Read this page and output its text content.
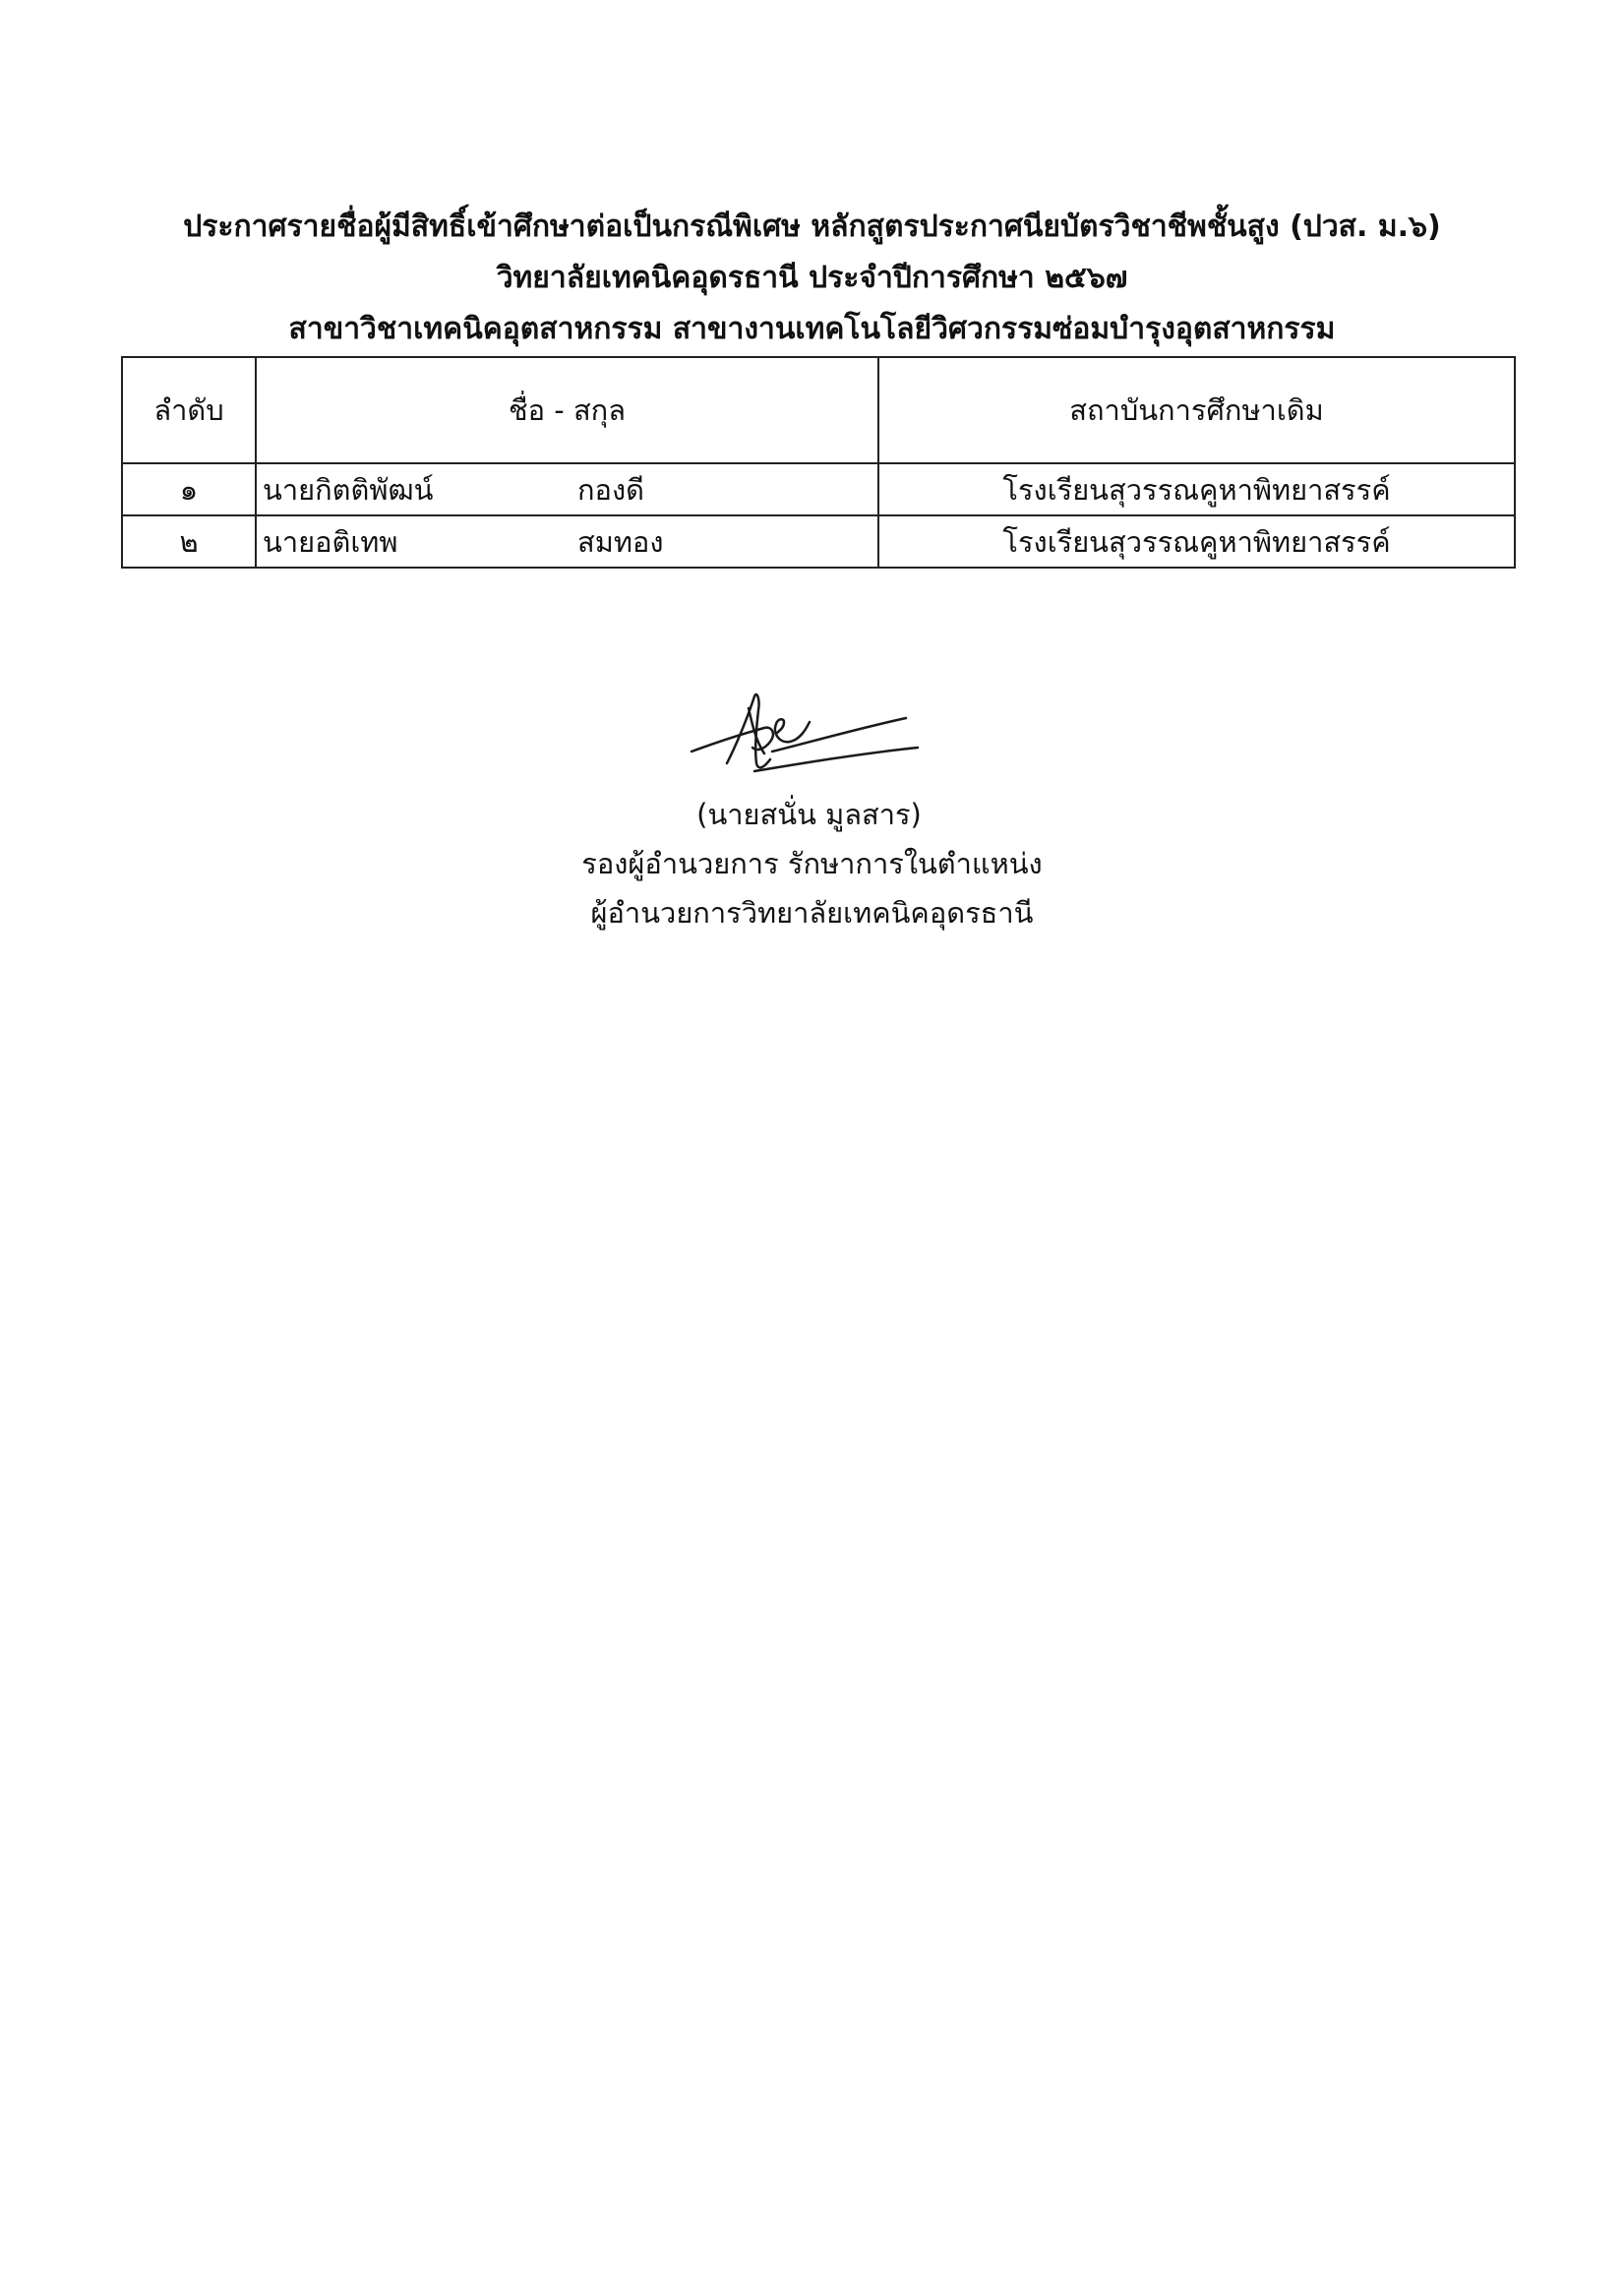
ประกาศรายชื่อผู้มีสิทธิ์เข้าศึกษาต่อเป็นกรณีพิเศษ หลักสูตรประกาศนียบัตรวิชาชีพชั้นสูง (ปวส. ม.๖)
วิทยาลัยเทคนิคอุดรธานี ประจำปีการศึกษา ๒๕๖๗
สาขาวิชาเทคนิคอุตสาหกรรม สาขางานเทคโนโลยีวิศวกรรมซ่อมบำรุงอุตสาหกรรม
ลำดับ	ชื่อ - สกุล	สถาบันการศึกษาเดิม
๑	นายกิตติพัฒน์ กองดี	โรงเรียนสุวรรณคูหาพิทยาสรรค์
๒	นายอติเทพ สมทอง	โรงเรียนสุวรรณคูหาพิทยาสรรค์
(นายสนั่น มูลสาร)
รองผู้อำนวยการ รักษาการในตำแหน่ง
ผู้อำนวยการวิทยาลัยเทคนิคอุดรธานี
